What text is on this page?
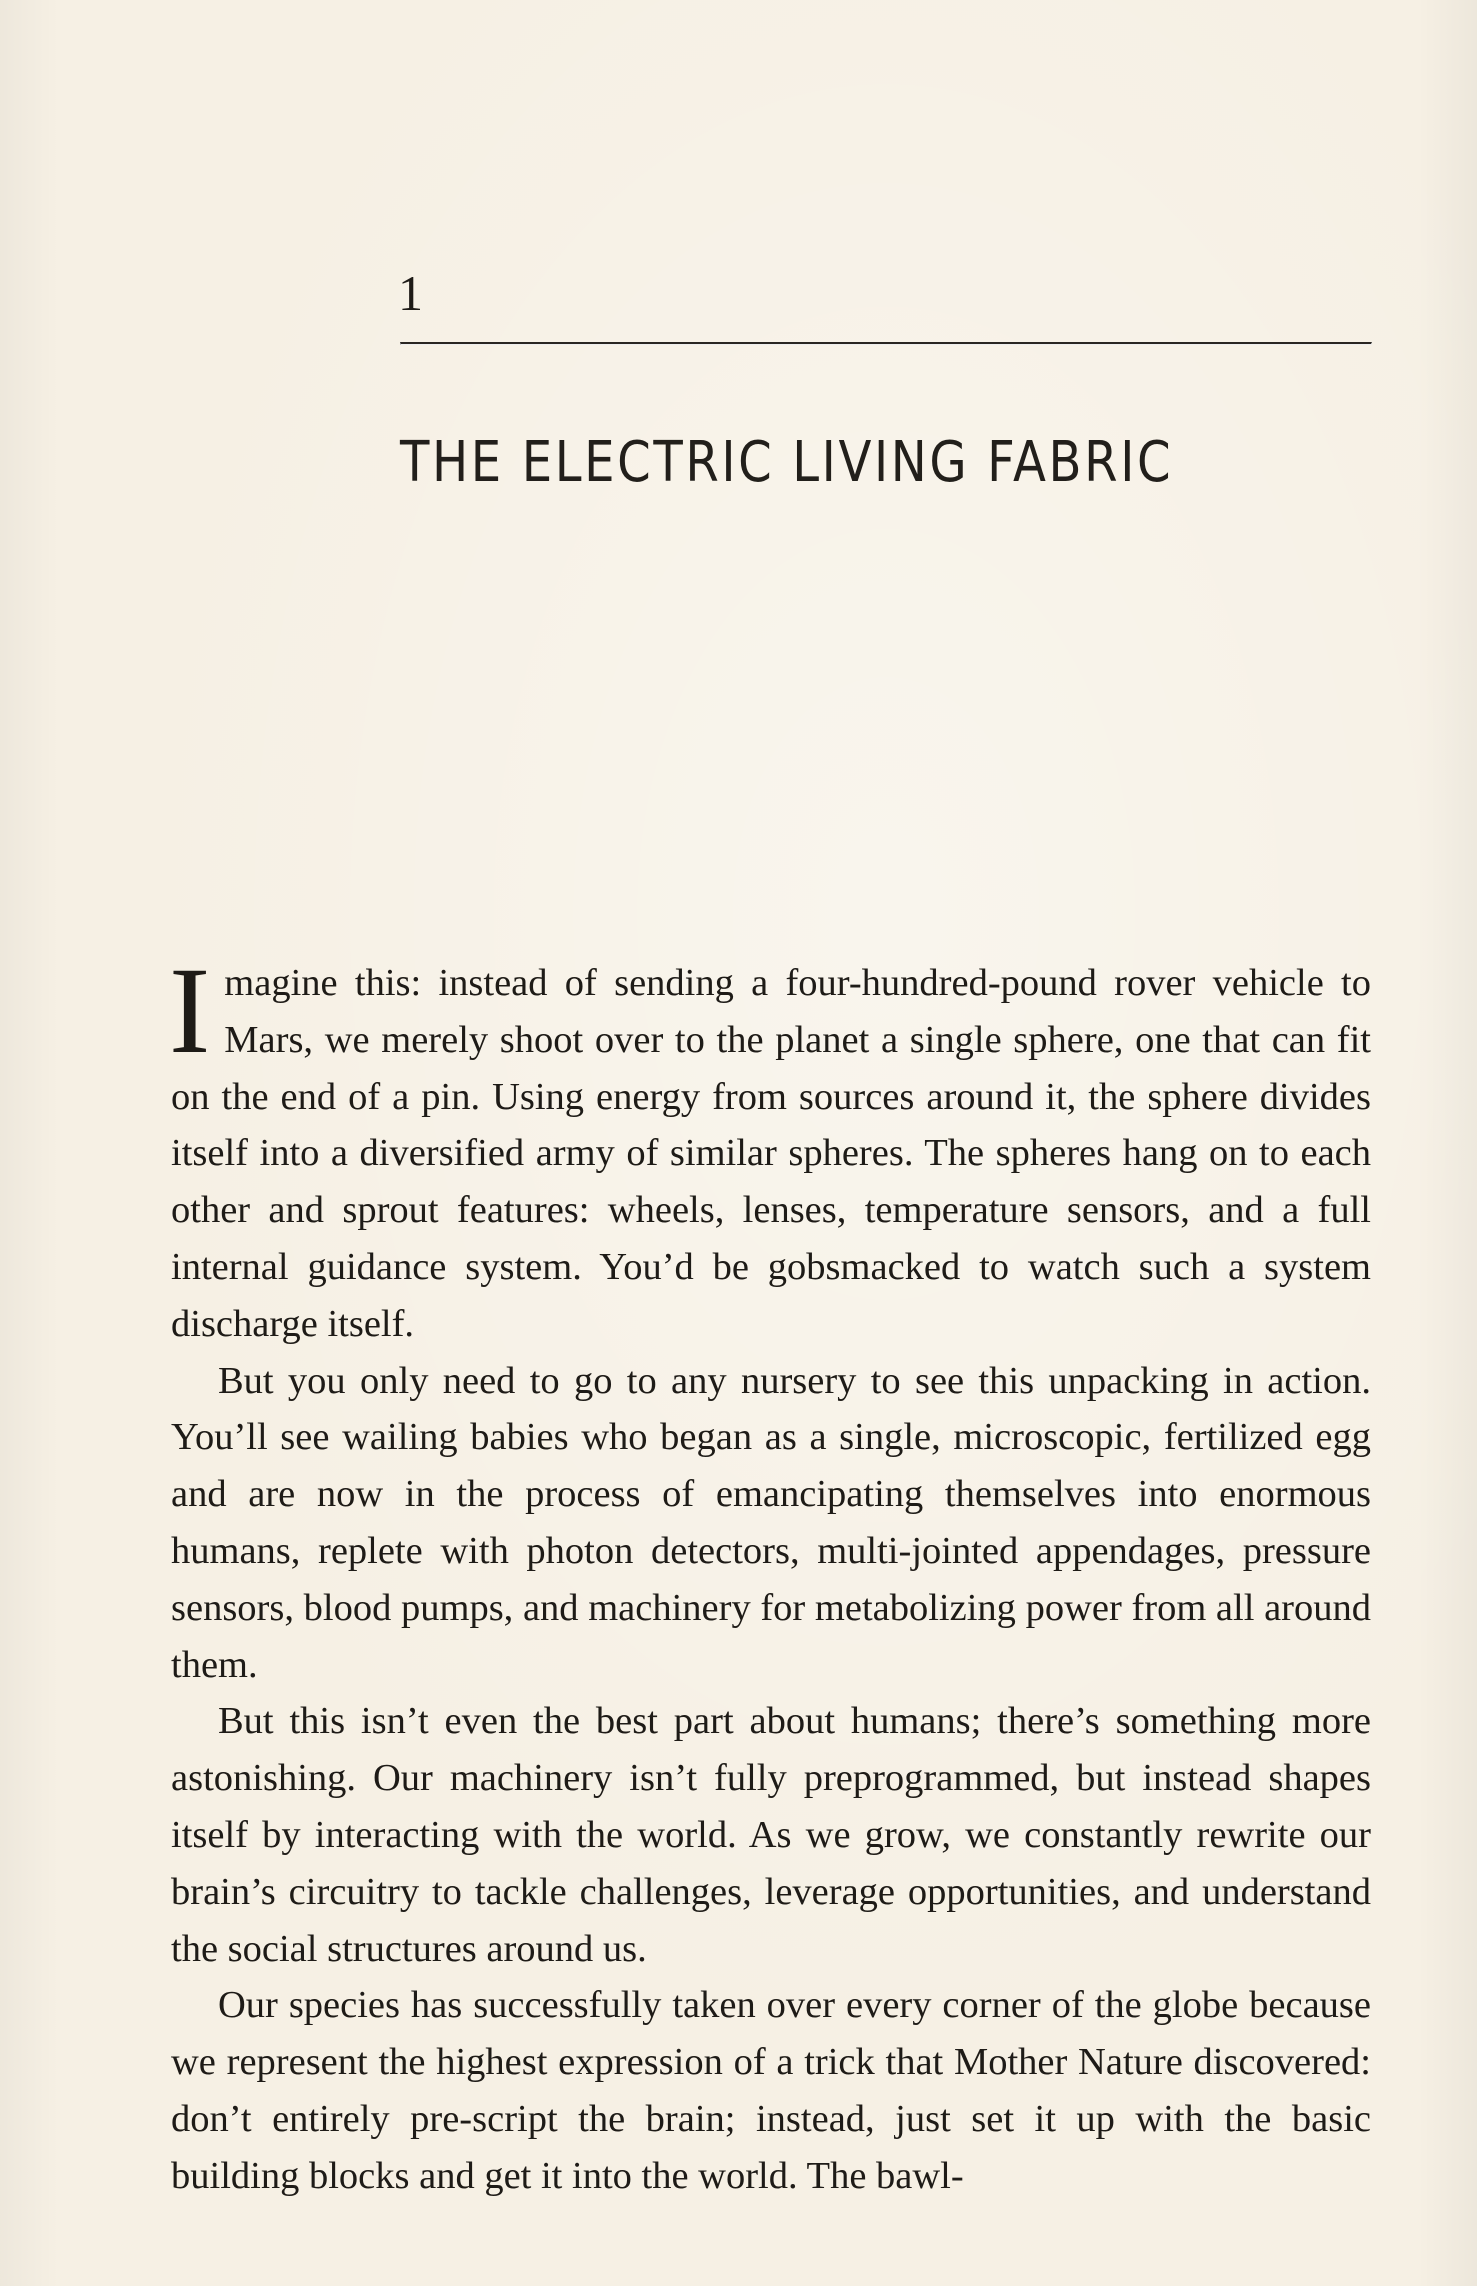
1
THE ELECTRIC LIVING FABRIC

Imagine this: instead of sending a four-hundred-pound rover vehicle to Mars, we merely shoot over to the planet a single sphere, one that can fit on the end of a pin. Using energy from sources around it, the sphere divides itself into a diversified army of similar spheres. The spheres hang on to each other and sprout features: wheels, lenses, temperature sensors, and a full internal guidance system. You’d be gobsmacked to watch such a system discharge itself.

But you only need to go to any nursery to see this unpacking in action. You’ll see wailing babies who began as a single, microscopic, fertilized egg and are now in the process of emancipating themselves into enormous humans, replete with photon detectors, multi-jointed appendages, pressure sensors, blood pumps, and machinery for metabolizing power from all around them.

But this isn’t even the best part about humans; there’s something more astonishing. Our machinery isn’t fully preprogrammed, but instead shapes itself by interacting with the world. As we grow, we constantly rewrite our brain’s circuitry to tackle challenges, leverage opportunities, and understand the social structures around us.

Our species has successfully taken over every corner of the globe because we represent the highest expression of a trick that Mother Nature discovered: don’t entirely pre-script the brain; instead, just set it up with the basic building blocks and get it into the world. The bawl-
